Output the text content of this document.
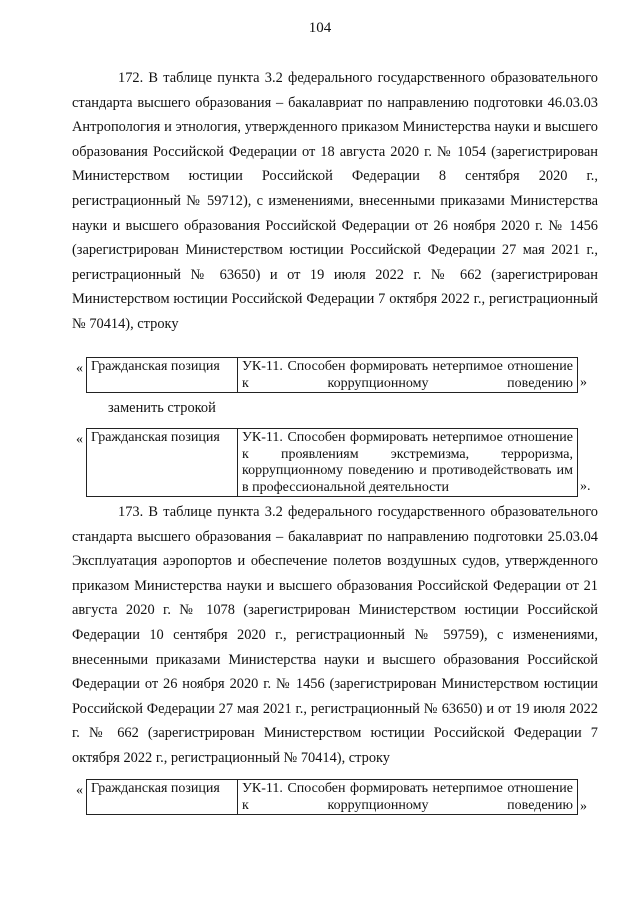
104

172. В таблице пункта 3.2 федерального государственного образовательного стандарта высшего образования – бакалавриат по направлению подготовки 46.03.03 Антропология и этнология, утвержденного приказом Министерства науки и высшего образования Российской Федерации от 18 августа 2020 г. № 1054 (зарегистрирован Министерством юстиции Российской Федерации 8 сентября 2020 г., регистрационный № 59712), с изменениями, внесенными приказами Министерства науки и высшего образования Российской Федерации от 26 ноября 2020 г. № 1456 (зарегистрирован Министерством юстиции Российской Федерации 27 мая 2021 г., регистрационный № 63650) и от 19 июля 2022 г. № 662 (зарегистрирован Министерством юстиции Российской Федерации 7 октября 2022 г., регистрационный № 70414), строку

« Гражданская позиция	УК-11. Способен формировать нетерпимое отношение к коррупционному поведению »
заменить строкой
« Гражданская позиция	УК-11. Способен формировать нетерпимое отношение к проявлениям экстремизма, терроризма, коррупционному поведению и противодействовать им в профессиональной деятельности	».

173. В таблице пункта 3.2 федерального государственного образовательного стандарта высшего образования – бакалавриат по направлению подготовки 25.03.04 Эксплуатация аэропортов и обеспечение полетов воздушных судов, утвержденного приказом Министерства науки и высшего образования Российской Федерации от 21 августа 2020 г. № 1078 (зарегистрирован Министерством юстиции Российской Федерации 10 сентября 2020 г., регистрационный № 59759), с изменениями, внесенными приказами Министерства науки и высшего образования Российской Федерации от 26 ноября 2020 г. № 1456 (зарегистрирован Министерством юстиции Российской Федерации 27 мая 2021 г., регистрационный № 63650) и от 19 июля 2022 г. № 662 (зарегистрирован Министерством юстиции Российской Федерации 7 октября 2022 г., регистрационный № 70414), строку

« Гражданская позиция	УК-11. Способен формировать нетерпимое отношение к коррупционному поведению »
